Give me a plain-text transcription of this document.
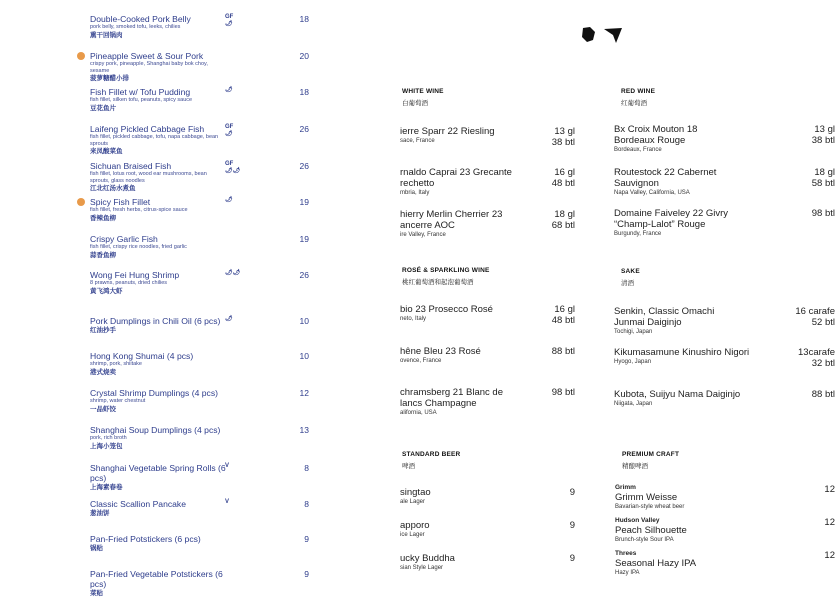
Double-Cooked Pork Belly
pork belly, smoked tofu, leeks, chilies
熏干回锅肉
GF
🌶	18
Pineapple Sweet & Sour Pork
crispy pork, pineapple, Shanghai baby bok choy, sesame
菠萝糖醋小排
20
Fish Fillet w/ Tofu Pudding
fish fillet, silken tofu, peanuts, spicy sauce
豆花鱼片
🌶	18
Laifeng Pickled Cabbage Fish
fish fillet, pickled cabbage, tofu, napa cabbage, bean sprouts
来凤酸菜鱼
GF
🌶	26
Sichuan Braised Fish
fish fillet, lotus root, wood ear mushrooms, bean sprouts, glass noodles
江北红汤水煮鱼
GF
🌶🌶	26
Spicy Fish Fillet
fish fillet, fresh herbs, citrus-spice sauce
香辣鱼柳
🌶	19
Crispy Garlic Fish
fish fillet, crispy rice noodles, fried garlic
蒜香鱼柳
19
Wong Fei Hung Shrimp
8 prawns, peanuts, dried chilies
黄飞鸿大虾
🌶🌶	26
Pork Dumplings in Chili Oil (6 pcs)
红油抄手
🌶	10
Hong Kong Shumai (4 pcs)
shrimp, pork, shiitake
港式烧卖
10
Crystal Shrimp Dumplings (4 pcs)
shrimp, water chestnut
一品虾饺
12
Shanghai Soup Dumplings (4 pcs)
pork, rich broth
上海小笼包
13
Shanghai Vegetable Spring Rolls (6 pcs)
上海素春卷
V	8
Classic Scallion Pancake
葱油饼
V	8
Pan-Fried Potstickers (6 pcs)
锅贴
9
Pan-Fried Vegetable Potstickers (6 pcs)
菜贴
9
WHITE WINE
白葡萄酒
ierre Sparr 22 Riesling
sace, France
13 gl
38 btl
rnaldo Caprai 23 Grecante
rechetto
mbria, Italy
16 gl
48 btl
hierry Merlin Cherrier 23
ancerre AOC
ire Valley, France
18 gl
68 btl
ROSÉ & SPARKLING WINE
桃红葡萄酒和起泡葡萄酒
bio 23 Prosecco Rosé
neto, Italy
16 gl
48 btl
hêne Bleu 23 Rosé
ovence, France
88 btl
chramsberg 21 Blanc de
lancs Champagne
alifornia, USA
98 btl
STANDARD BEER
啤酒
singtao
ale Lager
9
apporo
ice Lager
9
ucky Buddha
sian Style Lager
9
RED WINE
红葡萄酒
Bx Croix Mouton 18
Bordeaux Rouge
Bordeaux, France
13 gl
38 btl
Routestock 22 Cabernet
Sauvignon
Napa Valley, California, USA
18 gl
58 btl
Domaine Faiveley 22 Givry
“Champ-Lalot” Rouge
Burgundy, France
98 btl
SAKE
清酒
Senkin, Classic Omachi
Junmai Daiginjo
Tochigi, Japan
16 carafe
52 btl
Kikumasamune Kinushiro Nigori
Hyogo, Japan
13carafe
32 btl
Kubota, Suijyu Nama Daiginjo
Niigata, Japan
88 btl
PREMIUM CRAFT
精酿啤酒
Grimm
Grimm Weisse
Bavarian-style wheat beer
12
Hudson Valley
Peach Silhouette
Brunch-style Sour IPA
12
Threes
Seasonal Hazy IPA
Hazy IPA
12
